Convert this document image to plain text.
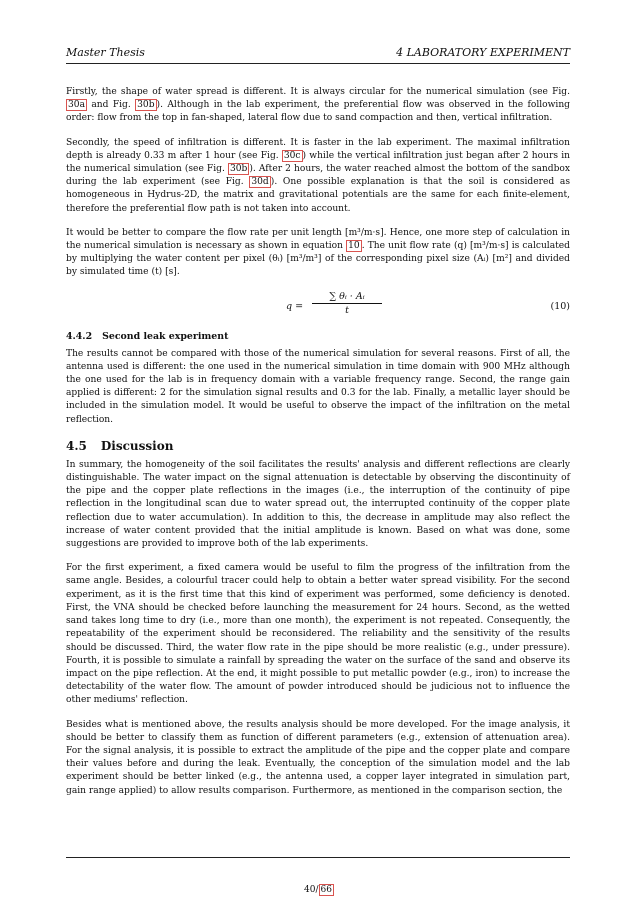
Master Thesis	4 LABORATORY EXPERIMENT

Firstly, the shape of water spread is different. It is always circular for the numerical simulation (see Fig. 30a and Fig. 30b ). Although in the lab experiment, the preferential flow was observed in the following order: flow from the top in fan-shaped, lateral flow due to sand compaction and then, vertical infiltration.

Secondly, the speed of infiltration is different. It is faster in the lab experiment. The maximal infiltration depth is already 0.33 m after 1 hour (see Fig. 30c ) while the vertical infiltration just began after 2 hours in the numerical simulation (see Fig. 30b ). After 2 hours, the water reached almost the bottom of the sandbox during the lab experiment (see Fig. 30d ). One possible explanation is that the soil is considered as homogeneous in Hydrus-2D, the matrix and gravitational potentials are the same for each finite-element, therefore the preferential flow path is not taken into account.

It would be better to compare the flow rate per unit length [m³/m·s]. Hence, one more step of calculation in the numerical simulation is necessary as shown in equation 10 . The unit flow rate (q) [m³/m·s] is calculated by multiplying the water content per pixel (θᵢ) [m³/m³] of the corresponding pixel size (Aᵢ) [m²] and divided by simulated time (t) [s].

$q = \frac{\text{∑ θᵢ · Aᵢ}}{t}$	(10)
4.4.2 Second leak experiment

The results cannot be compared with those of the numerical simulation for several reasons. First of all, the antenna used is different: the one used in the numerical simulation in time domain with 900 MHz although the one used for the lab is in frequency domain with a variable frequency range. Second, the range gain applied is different: 2 for the simulation signal results and 0.3 for the lab. Finally, a metallic layer should be included in the simulation model. It would be useful to observe the impact of the infiltration on the metal reflection.

4.5 Discussion

In summary, the homogeneity of the soil facilitates the results' analysis and different reflections are clearly distinguishable. The water impact on the signal attenuation is detectable by observing the discontinuity of the pipe and the copper plate reflections in the images (i.e., the interruption of the continuity of pipe reflection in the longitudinal scan due to water spread out, the interrupted continuity of the copper plate reflection due to water accumulation). In addition to this, the decrease in amplitude may also reflect the increase of water content provided that the initial amplitude is known. Based on what was done, some suggestions are provided to improve both of the lab experiments.

For the first experiment, a fixed camera would be useful to film the progress of the infiltration from the same angle. Besides, a colourful tracer could help to obtain a better water spread visibility. For the second experiment, as it is the first time that this kind of experiment was performed, some deficiency is denoted. First, the VNA should be checked before launching the measurement for 24 hours. Second, as the wetted sand takes long time to dry (i.e., more than one month), the experiment is not repeated. Consequently, the repeatability of the experiment should be reconsidered. The reliability and the sensitivity of the results should be discussed. Third, the water flow rate in the pipe should be more realistic (e.g., under pressure). Fourth, it is possible to simulate a rainfall by spreading the water on the surface of the sand and observe its impact on the pipe reflection. At the end, it might possible to put metallic powder (e.g., iron) to increase the detectability of the water flow. The amount of powder introduced should be judicious not to influence the other mediums' reflection.

Besides what is mentioned above, the results analysis should be more developed. For the image analysis, it should be better to classify them as function of different parameters (e.g., extension of attenuation area). For the signal analysis, it is possible to extract the amplitude of the pipe and the copper plate and compare their values before and during the leak. Eventually, the conception of the simulation model and the lab experiment should be better linked (e.g., the antenna used, a copper layer integrated in simulation part, gain range applied) to allow results comparison. Furthermore, as mentioned in the comparison section, the

40/ 66
